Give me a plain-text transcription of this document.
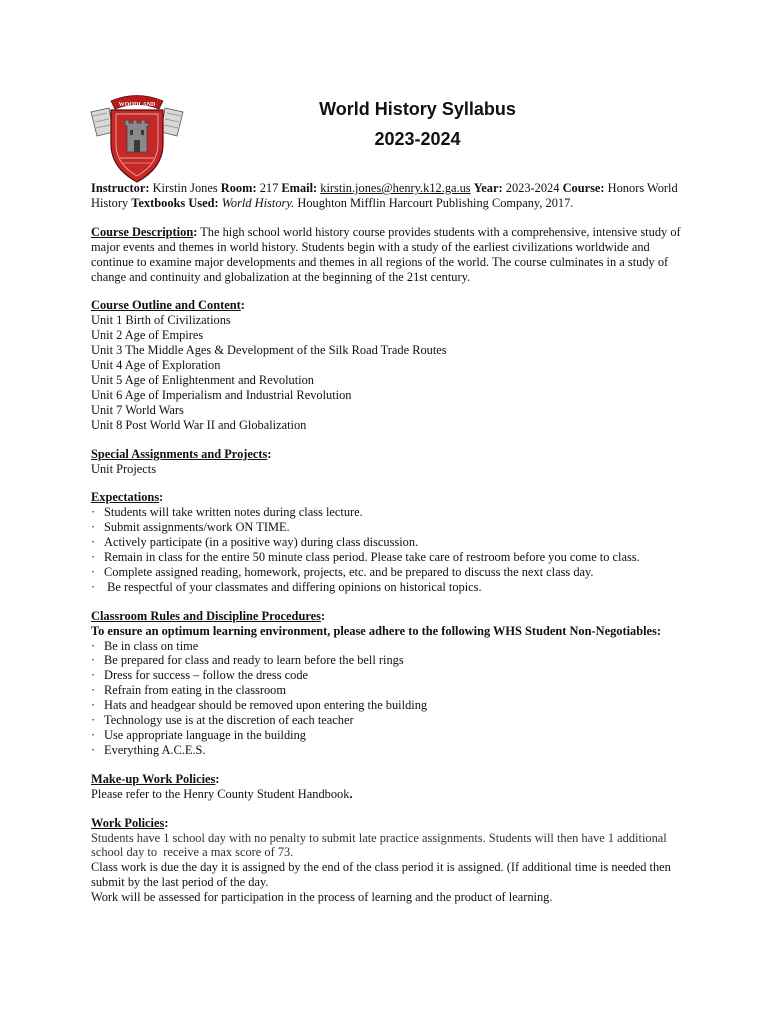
WOODLAND	World History Syllabus
2023-2024

Instructor: Kirstin Jones Room: 217 Email: kirstin.jones@henry.k12.ga.us Year: 2023-2024 Course: Honors World History Textbooks Used: World History. Houghton Mifflin Harcourt Publishing Company, 2017.

Course Description: The high school world history course provides students with a comprehensive, intensive study of major events and themes in world history. Students begin with a study of the earliest civilizations worldwide and continue to examine major developments and themes in all regions of the world. The course culminates in a study of change and continuity and globalization at the beginning of the 21st century.

Course Outline and Content:
Unit 1 Birth of Civilizations
Unit 2 Age of Empires
Unit 3 The Middle Ages & Development of the Silk Road Trade Routes
Unit 4 Age of Exploration
Unit 5 Age of Enlightenment and Revolution
Unit 6 Age of Imperialism and Industrial Revolution
Unit 7 World Wars
Unit 8 Post World War II and Globalization
Special Assignments and Projects:
Unit Projects
Expectations:
· Students will take written notes during class lecture.
· Submit assignments/work ON TIME.
· Actively participate (in a positive way) during class discussion.
· Remain in class for the entire 50 minute class period. Please take care of restroom before you come to class.
· Complete assigned reading, homework, projects, etc. and be prepared to discuss the next class day.
· Be respectful of your classmates and differing opinions on historical topics.
Classroom Rules and Discipline Procedures:
To ensure an optimum learning environment, please adhere to the following WHS Student Non-Negotiables:
· Be in class on time
· Be prepared for class and ready to learn before the bell rings
· Dress for success – follow the dress code
· Refrain from eating in the classroom
· Hats and headgear should be removed upon entering the building
· Technology use is at the discretion of each teacher
· Use appropriate language in the building
· Everything A.C.E.S.
Make-up Work Policies:
Please refer to the Henry County Student Handbook.
Work Policies:
Students have 1 school day with no penalty to submit late practice assignments. Students will then have 1 additional
school day to  receive a max score of 73.
Class work is due the day it is assigned by the end of the class period it is assigned. (If additional time is needed then
submit by the last period of the day.
Work will be assessed for participation in the process of learning and the product of learning.
